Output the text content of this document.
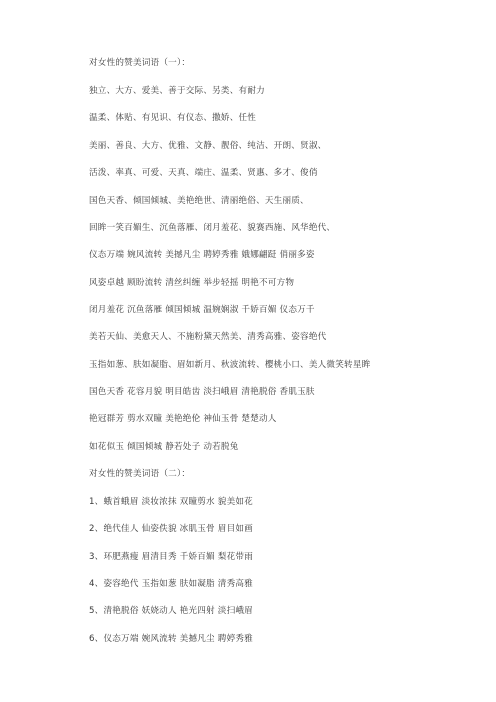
对女性的赞美词语（一）：
独立、大方、爱美、善于交际、另类、有耐力
温柔、体贴、有见识、有仪态、撒娇、任性
美丽、善良、大方、优雅、文静、靓俗、纯洁、开朗、贤淑、
活泼、率真、可爱、天真、端庄、温柔、贤惠、多才、俊俏
国色天香、倾国倾城、美艳绝世、清丽绝俗、天生丽质、
回眸一笑百媚生、沉鱼落雁、闭月羞花、貌赛西施、风华绝代、
仪态万端 婉风流转 美撼凡尘 聘婷秀雅 娥娜翩跹 俏丽多姿
风姿卓越 顾盼流转 清丝纠缠 举步轻摇 明艳不可方物
闭月羞花 沉鱼落雁 倾国倾城 温婉娴淑 千娇百媚 仪态万千
美若天仙、美愈天人、不施粉黛天然美、清秀高雅、姿容绝代
玉指如葱、肤如凝脂、眉如新月、秋波流转、樱桃小口、美人微笑转星眸
国色天香 花容月貌 明目皓齿 淡扫峨眉 清艳脱俗 香肌玉肤
艳冠群芳 剪水双瞳 美艳绝伦 神仙玉骨 楚楚动人
如花似玉 倾国倾城 静若处子 动若脱兔
对女性的赞美词语（二）：
1、蛾首蛾眉 淡妆浓抹 双瞳剪水 貌美如花
2、绝代佳人 仙姿佚貌 冰肌玉骨 眉目如画
3、环肥燕瘦 眉清目秀 千娇百媚 梨花带雨
4、姿容绝代 玉指如葱 肤如凝脂 清秀高雅
5、清艳脱俗 妖娆动人 艳光四射 淡扫峨眉
6、仪态万端 婉风流转 美撼凡尘 聘婷秀雅
